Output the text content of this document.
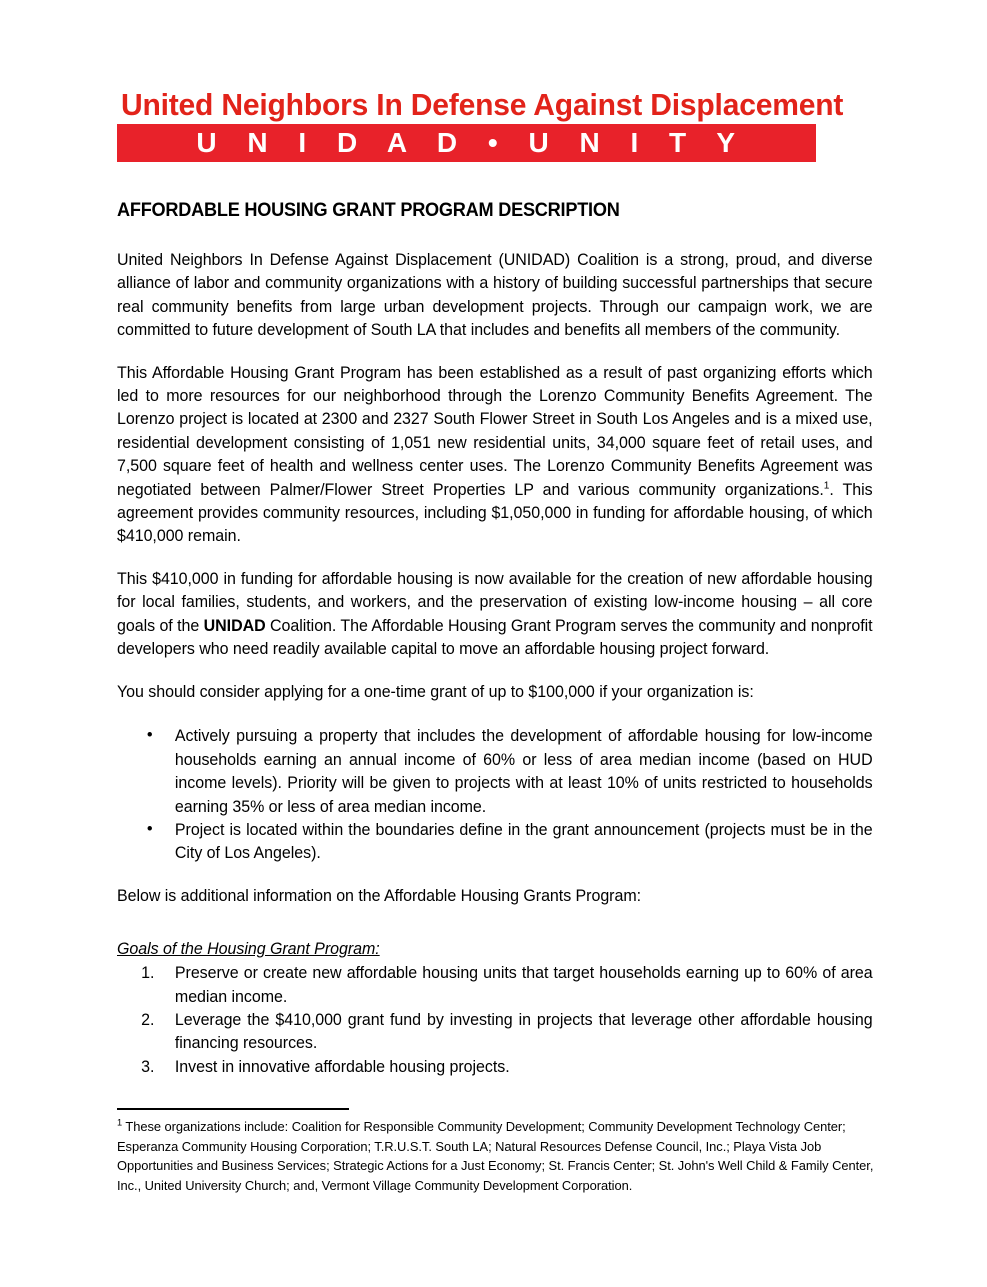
United Neighbors In Defense Against Displacement
U N I D A D • U N I T Y
AFFORDABLE HOUSING GRANT PROGRAM DESCRIPTION

United Neighbors In Defense Against Displacement (UNIDAD) Coalition is a strong, proud, and diverse alliance of labor and community organizations with a history of building successful partnerships that secure real community benefits from large urban development projects. Through our campaign work, we are committed to future development of South LA that includes and benefits all members of the community.

This Affordable Housing Grant Program has been established as a result of past organizing efforts which led to more resources for our neighborhood through the Lorenzo Community Benefits Agreement. The Lorenzo project is located at 2300 and 2327 South Flower Street in South Los Angeles and is a mixed use, residential development consisting of 1,051 new residential units, 34,000 square feet of retail uses, and 7,500 square feet of health and wellness center uses. The Lorenzo Community Benefits Agreement was negotiated between Palmer/Flower Street Properties LP and various community organizations.$^1$. This agreement provides community resources, including $1,050,000 in funding for affordable housing, of which $410,000 remain.

This $410,000 in funding for affordable housing is now available for the creation of new affordable housing for local families, students, and workers, and the preservation of existing low-income housing – all core goals of the UNIDAD Coalition. The Affordable Housing Grant Program serves the community and nonprofit developers who need readily available capital to move an affordable housing project forward.

You should consider applying for a one-time grant of up to $100,000 if your organization is:

• Actively pursuing a property that includes the development of affordable housing for low-income households earning an annual income of 60% or less of area median income (based on HUD income levels). Priority will be given to projects with at least 10% of units restricted to households earning 35% or less of area median income.
• Project is located within the boundaries define in the grant announcement (projects must be in the City of Los Angeles).

Below is additional information on the Affordable Housing Grants Program:

Goals of the Housing Grant Program:
Preserve or create new affordable housing units that target households earning up to 60% of area median income.
Leverage the $410,000 grant fund by investing in projects that leverage other affordable housing financing resources.
Invest in innovative affordable housing projects.
$^1$ These organizations include: Coalition for Responsible Community Development; Community Development Technology Center; Esperanza Community Housing Corporation; T.R.U.S.T. South LA; Natural Resources Defense Council, Inc.; Playa Vista Job Opportunities and Business Services; Strategic Actions for a Just Economy; St. Francis Center; St. John's Well Child & Family Center, Inc., United University Church; and, Vermont Village Community Development Corporation.
